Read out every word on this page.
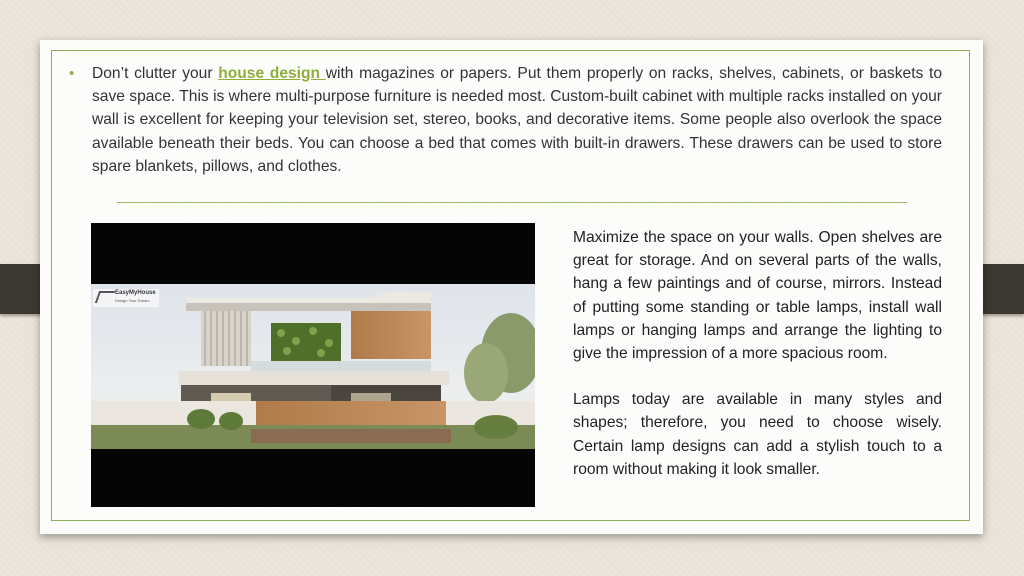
• Don’t clutter your house design with magazines or papers. Put them properly on racks, shelves, cabinets, or baskets to save space. This is where multi-purpose furniture is needed most. Custom-built cabinet with multiple racks installed on your wall is excellent for keeping your television set, stereo, books, and decorative items. Some people also overlook the space available beneath their beds. You can choose a bed that comes with built-in drawers. These drawers can be used to store spare blankets, pillows, and clothes.
EasyMyHouse
Design Your Dream

Maximize the space on your walls. Open shelves are great for storage. And on several parts of the walls, hang a few paintings and of course, mirrors. Instead of putting some standing or table lamps, install wall lamps or hanging lamps and arrange the lighting to give the impression of a more spacious room.

Lamps today are available in many styles and shapes; therefore, you need to choose wisely. Certain lamp designs can add a stylish touch to a room without making it look smaller.
